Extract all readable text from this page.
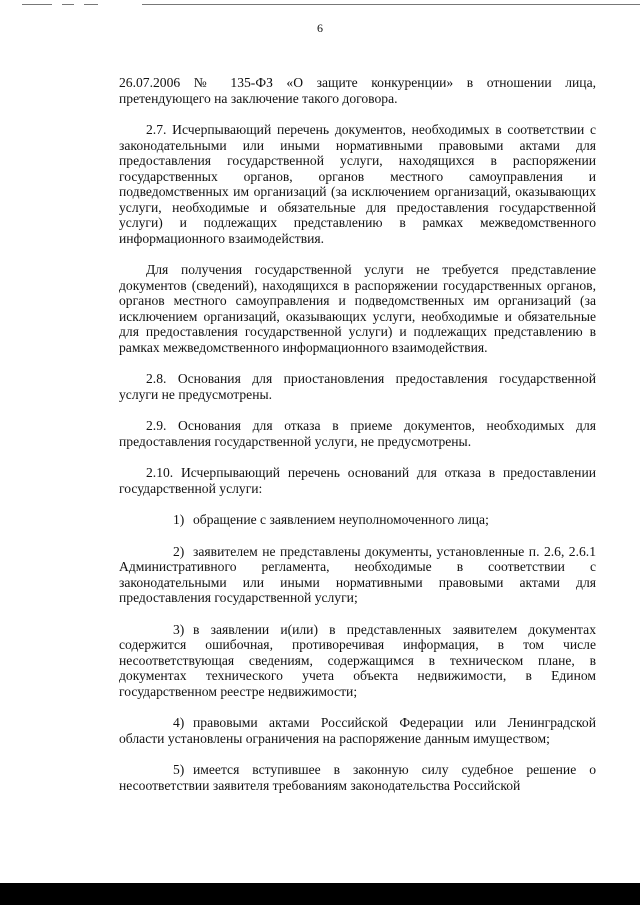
6

26.07.2006 № 135-ФЗ «О защите конкуренции» в отношении лица, претендующего на заключение такого договора.

2.7. Исчерпывающий перечень документов, необходимых в соответствии с законодательными или иными нормативными правовыми актами для предоставления государственной услуги, находящихся в распоряжении государственных органов, органов местного самоуправления и подведомственных им организаций (за исключением организаций, оказывающих услуги, необходимые и обязательные для предоставления государственной услуги) и подлежащих представлению в рамках межведомственного информационного взаимодействия.

Для получения государственной услуги не требуется представление документов (сведений), находящихся в распоряжении государственных органов, органов местного самоуправления и подведомственных им организаций (за исключением организаций, оказывающих услуги, необходимые и обязательные для предоставления государственной услуги) и подлежащих представлению в рамках межведомственного информационного взаимодействия.

2.8. Основания для приостановления предоставления государственной услуги не предусмотрены.

2.9. Основания для отказа в приеме документов, необходимых для предоставления государственной услуги, не предусмотрены.

2.10. Исчерпывающий перечень оснований для отказа в предоставлении государственной услуги:

1) обращение с заявлением неуполномоченного лица;

2) заявителем не представлены документы, установленные п. 2.6, 2.6.1 Административного регламента, необходимые в соответствии с законодательными или иными нормативными правовыми актами для предоставления государственной услуги;

3) в заявлении и(или) в представленных заявителем документах содержится ошибочная, противоречивая информация, в том числе несоответствующая сведениям, содержащимся в техническом плане, в документах технического учета объекта недвижимости, в Едином государственном реестре недвижимости;

4) правовыми актами Российской Федерации или Ленинградской области установлены ограничения на распоряжение данным имуществом;

5) имеется вступившее в законную силу судебное решение о несоответствии заявителя требованиям законодательства Российской
